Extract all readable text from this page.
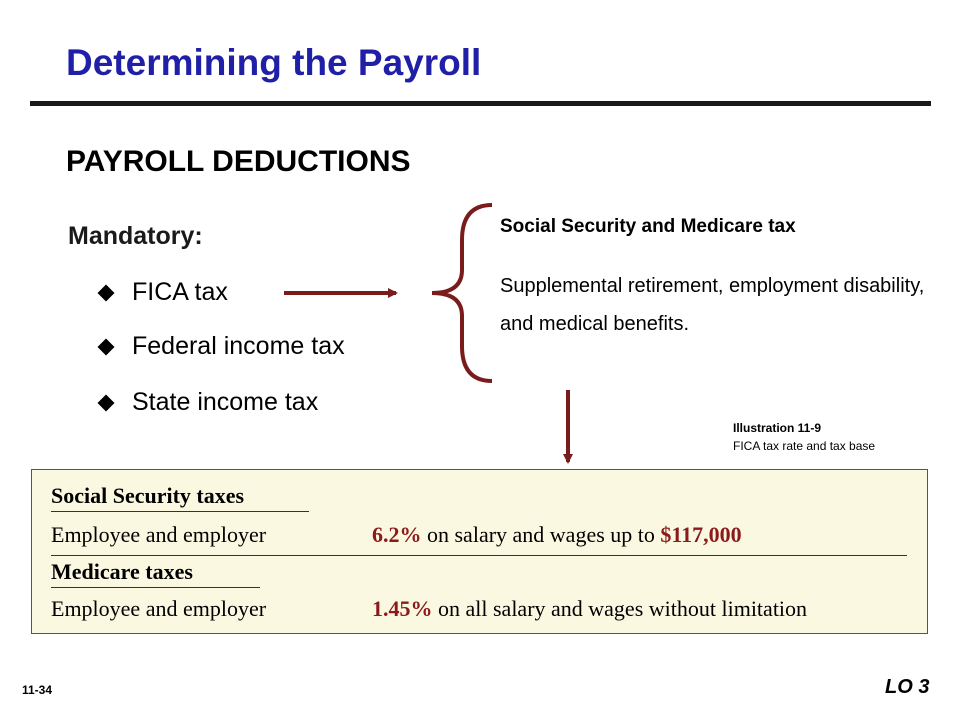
Determining the Payroll
PAYROLL DEDUCTIONS
Mandatory:
FICA tax
Federal income tax
State income tax
Social Security and Medicare tax
Supplemental retirement, employment disability, and medical benefits.
Illustration 11-9
FICA tax rate and tax base
Social Security taxes
Employee and employer	6.2% on salary and wages up to $117,000
Medicare taxes
Employee and employer	1.45% on all salary and wages without limitation
11-34	LO 3
